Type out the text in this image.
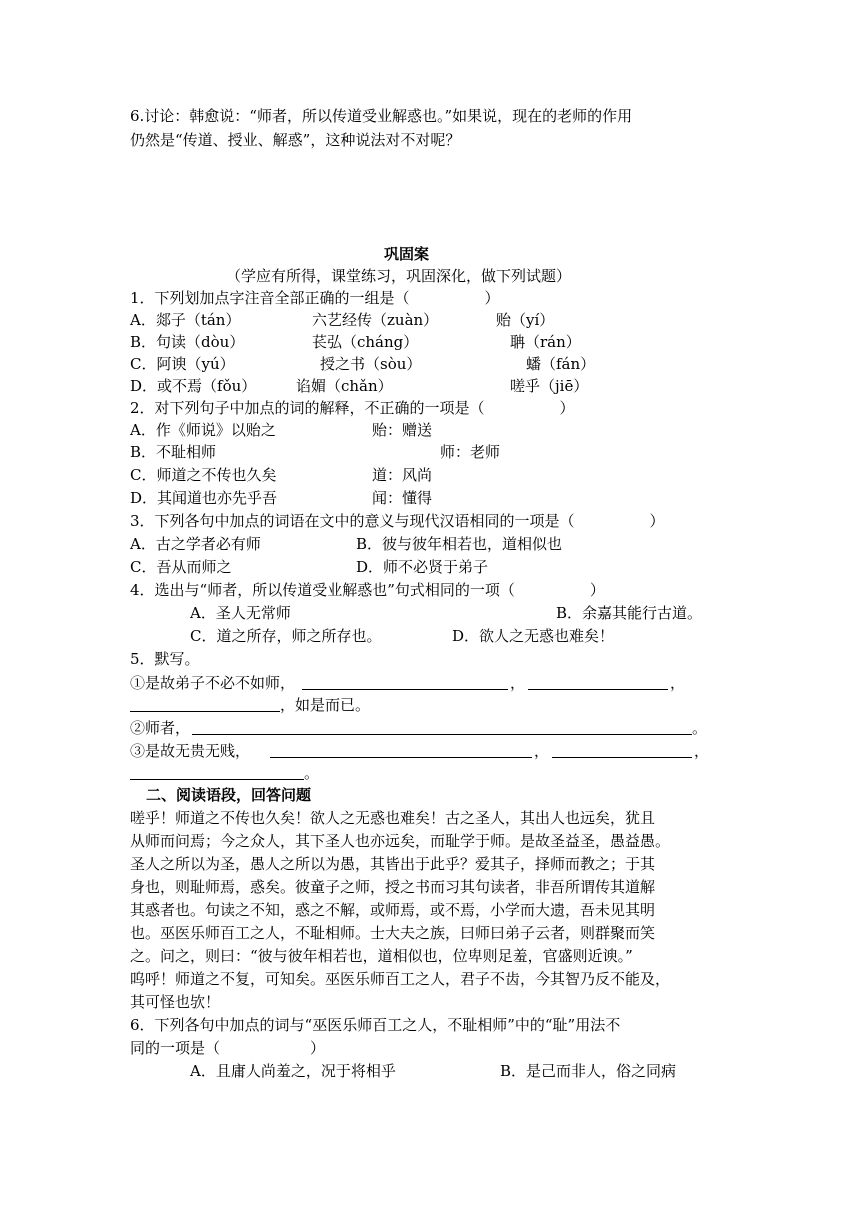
6.讨论：韩愈说：“师者，所以传道受业解惑也。”如果说，现在的老师的作用
仍然是“传道、授业、解惑”，这种说法对不对呢？
巩固案
（学应有所得，课堂练习，巩固深化，做下列试题）
1．下列划加点字注音全部正确的一组是（　　　　　）
A．郯子（tán）	六艺经传（zuàn）	贻（yí）
B．句读（dòu）	苌弘（cháng）	聃（rán）
C．阿谀（yú）	授之书（sòu）	蟠（fán）
D．或不焉（fǒu）	谄媚（chǎn）	嗟乎（jiē）
2．对下列句子中加点的词的解释，不正确的一项是（　　　　　）
A．作《师说》以贻之	贻：赠送
B．不耻相师	师：老师
C．师道之不传也久矣	道：风尚
D．其闻道也亦先乎吾	闻：懂得
3．下列各句中加点的词语在文中的意义与现代汉语相同的一项是（　　　　　）
A．古之学者必有师	B．彼与彼年相若也，道相似也
C．吾从而师之	D．师不必贤于弟子
4．选出与“师者，所以传道受业解惑也”句式相同的一项（　　　　　）
A．圣人无常师	B．余嘉其能行古道。
C．道之所存，师之所存也。	D．欲人之无惑也难矣！
5．默写。
①是故弟子不必不如师，	，	，
，如是而已。
②师者，	。
③是故无贵无贱，	，	，
。
二、阅读语段，回答问题
嗟乎！师道之不传也久矣！欲人之无惑也难矣！古之圣人，其出人也远矣，犹且
从师而问焉；今之众人，其下圣人也亦远矣，而耻学于师。是故圣益圣，愚益愚。
圣人之所以为圣，愚人之所以为愚，其皆出于此乎？爱其子，择师而教之；于其
身也，则耻师焉，惑矣。彼童子之师，授之书而习其句读者，非吾所谓传其道解
其惑者也。句读之不知，惑之不解，或师焉，或不焉，小学而大遗，吾未见其明
也。巫医乐师百工之人，不耻相师。士大夫之族，曰师曰弟子云者，则群聚而笑
之。问之，则曰：“彼与彼年相若也，道相似也，位卑则足羞，官盛则近谀。”
呜呼！师道之不复，可知矣。巫医乐师百工之人，君子不齿，今其智乃反不能及，
其可怪也欤！
6．下列各句中加点的词与“巫医乐师百工之人，不耻相师”中的“耻”用法不
同的一项是（　　　　　　）
A．且庸人尚羞之，况于将相乎	B．是己而非人，俗之同病
